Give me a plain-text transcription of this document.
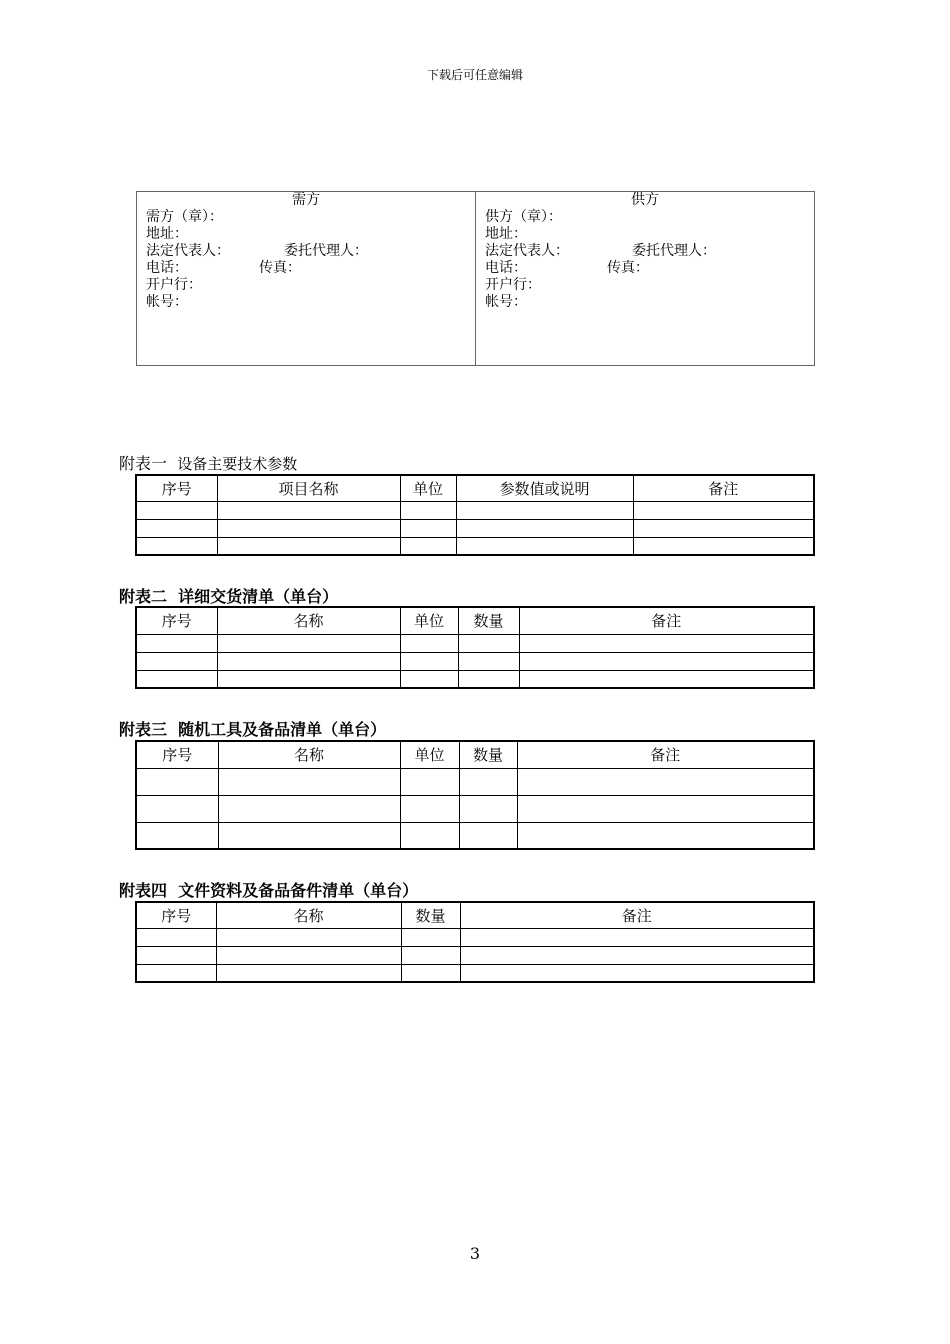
下载后可任意编辑
需方
需方（章）：
地址：
法定代表人：	委托代理人：
电话：	传真：
开户行：
帐号：
供方
供方（章）：
地址：
法定代表人：	委托代理人：
电话：	传真：
开户行：
帐号：
附表一 设备主要技术参数
序号	项目名称	单位	参数值或说明	备注

附表二 详细交货清单（单台）
序号	名称	单位	数量	备注

附表三 随机工具及备品清单（单台）
序号	名称	单位	数量	备注

附表四 文件资料及备品备件清单（单台）
序号	名称	数量	备注

3
